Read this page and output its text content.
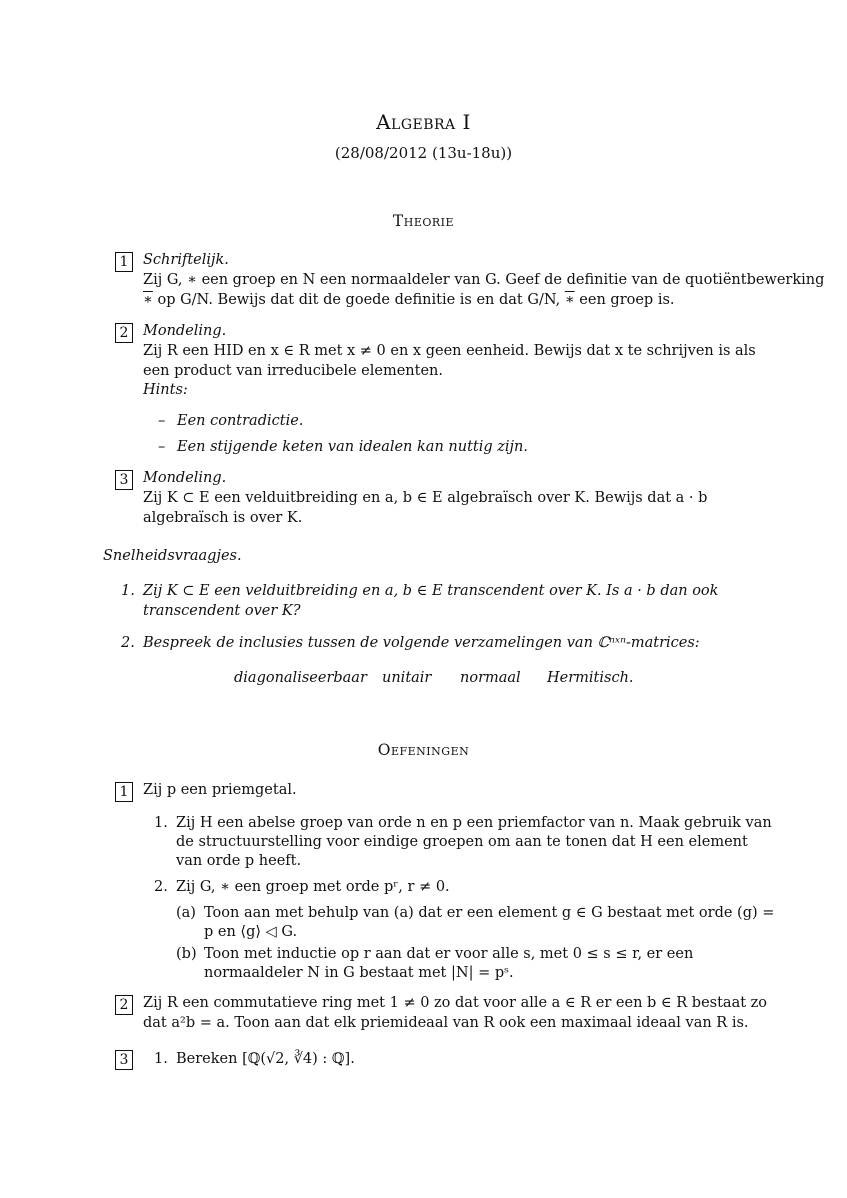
Algebra I
(28/08/2012 (13u-18u))
Theorie
1	Schriftelijk.
Zij G, ∗ een groep en N een normaaldeler van G. Geef de definitie van de quotiëntbewerking
∗ op G/N. Bewijs dat dit de goede definitie is en dat G/N, ∗ een groep is.
2	Mondeling.
Zij R een HID en x ∈ R met x ≠ 0 en x geen eenheid. Bewijs dat x te schrijven is als
een product van irreducibele elementen.
Hints:
– Een contradictie.
– Een stijgende keten van idealen kan nuttig zijn.
3	Mondeling.
Zij K ⊂ E een velduitbreiding en a, b ∈ E algebraïsch over K. Bewijs dat a · b
algebraïsch is over K.
Snelheidsvraagjes.
1. Zij K ⊂ E een velduitbreiding en a, b ∈ E transcendent over K. Is a · b dan ook
transcendent over K?
2. Bespreek de inclusies tussen de volgende verzamelingen van ℂⁿˣⁿ-matrices:
diagonaliseerbaar unitair normaal Hermitisch.
Oefeningen
1	Zij p een priemgetal.
1. Zij H een abelse groep van orde n en p een priemfactor van n. Maak gebruik van
de structuurstelling voor eindige groepen om aan te tonen dat H een element
van orde p heeft.
2. Zij G, ∗ een groep met orde pʳ, r ≠ 0.
(a) Toon aan met behulp van (a) dat er een element g ∈ G bestaat met orde (g) =
p en ⟨g⟩ ◁ G.
(b) Toon met inductie op r aan dat er voor alle s, met 0 ≤ s ≤ r, er een
normaaldeler N in G bestaat met |N| = pˢ.
2	Zij R een commutatieve ring met 1 ≠ 0 zo dat voor alle a ∈ R er een b ∈ R bestaat zo
dat a²b = a. Toon aan dat elk priemideaal van R ook een maximaal ideaal van R is.
3	1. Bereken [ℚ(√2, ∛4) : ℚ].
